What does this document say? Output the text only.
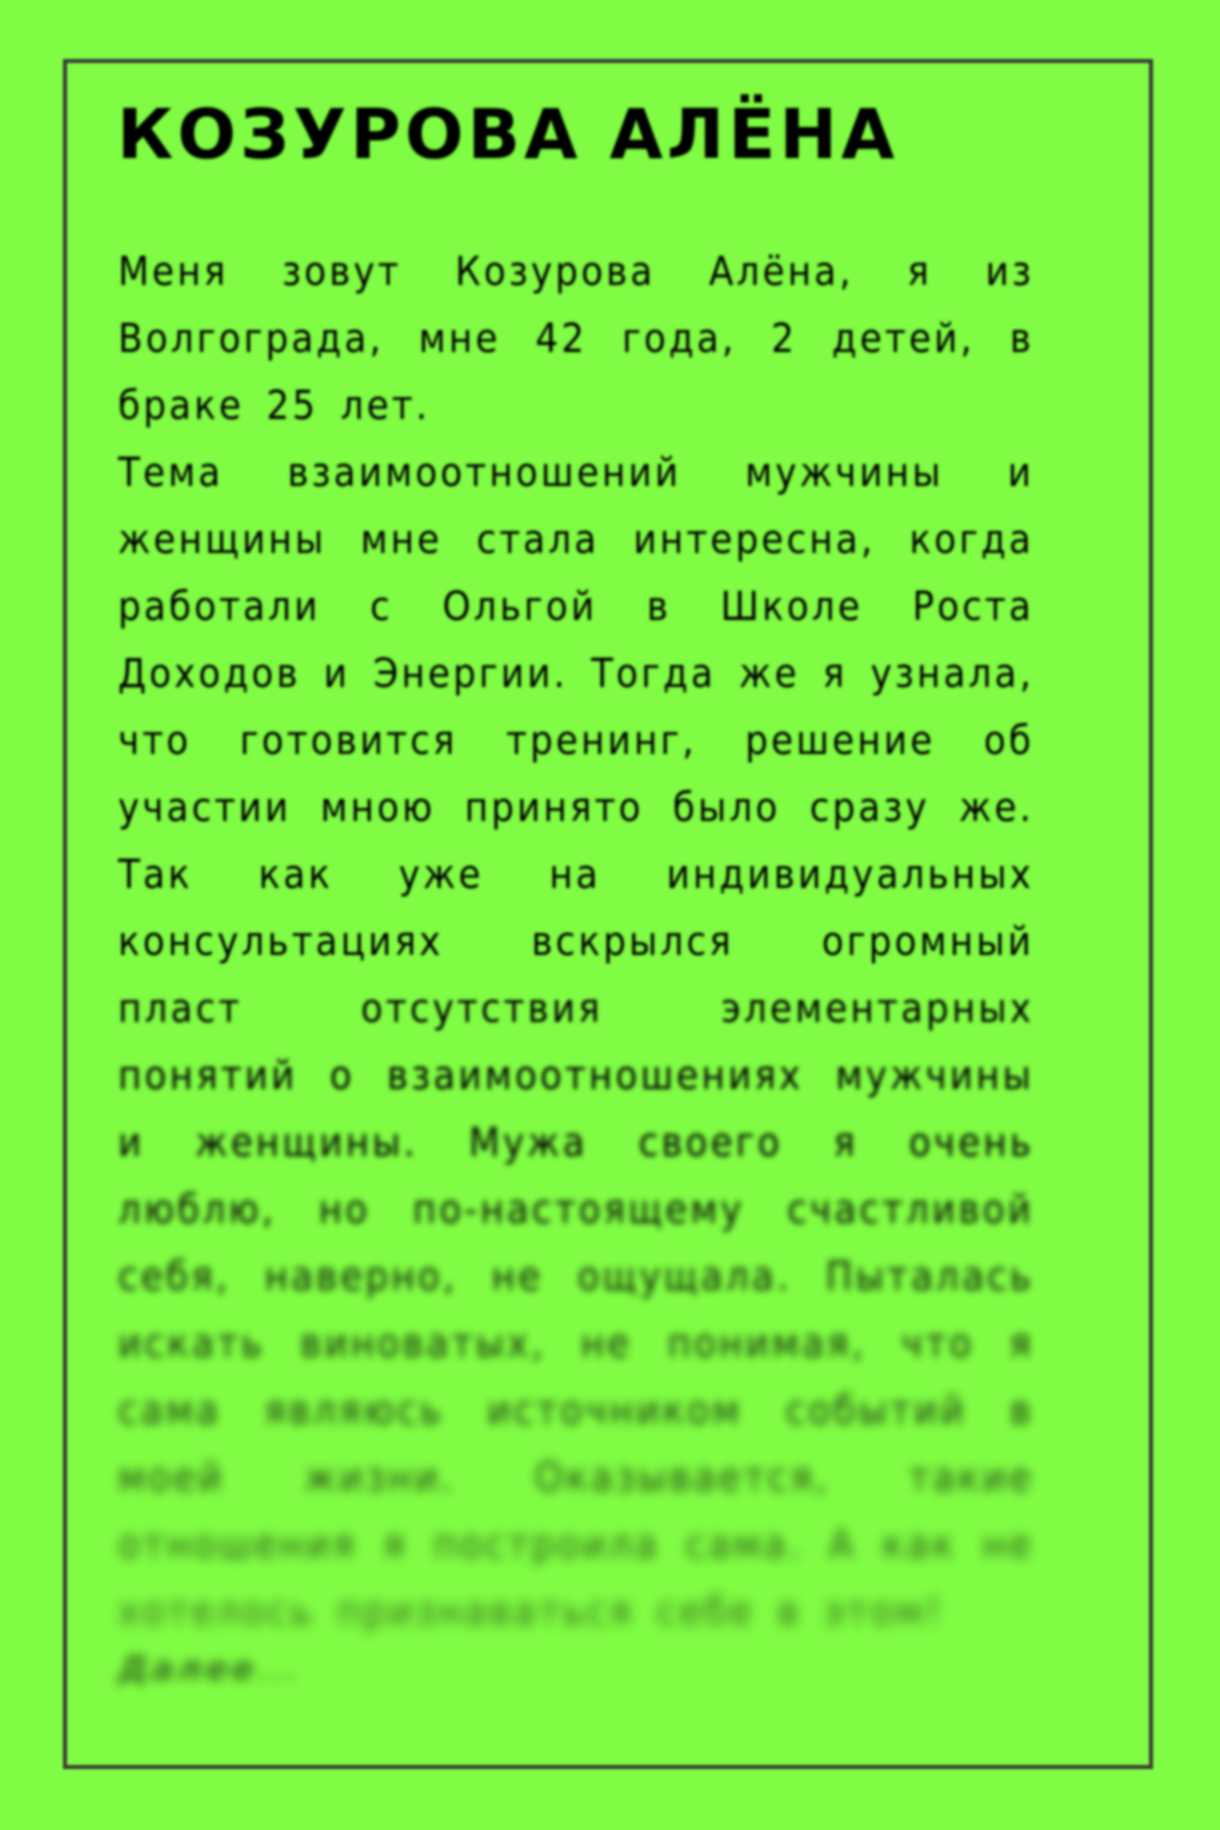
КОЗУРОВА АЛЁНА
Меня зовут Козурова Алёна, я из
Волгограда, мне 42 года, 2 детей, в
браке 25 лет.
Тема взаимоотношений мужчины и
женщины мне стала интересна, когда
работали с Ольгой в Школе Роста
Доходов и Энергии. Тогда же я узнала,
что готовится тренинг, решение об
участии мною принято было сразу же.
Так как уже на индивидуальных
консультациях вскрылся огромный
пласт	отсутствия	элементарных
понятий о взаимоотношениях мужчины
и женщины. Мужа своего я очень
люблю, но по-настоящему счастливой
себя, наверно, не ощущала. Пыталась
искать виноватых, не понимая, что я
сама являюсь источником событий в
моей жизни. Оказывается, такие
отношения я построила сама. А как не
хотелось признаваться себе в этом!
Далее...
